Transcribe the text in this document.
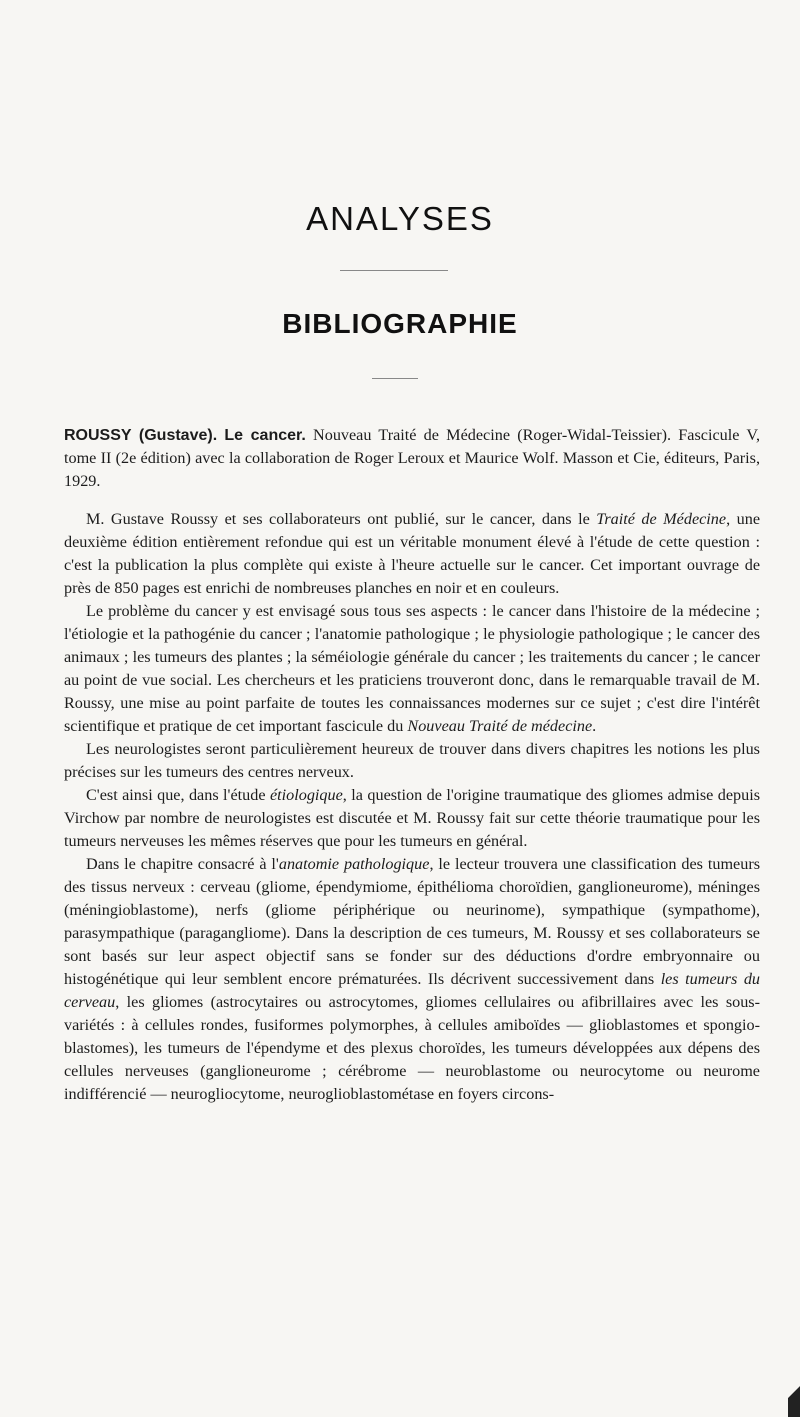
ANALYSES
BIBLIOGRAPHIE

ROUSSY (Gustave). Le cancer. Nouveau Traité de Médecine (Roger-Widal-Teissier). Fascicule V, tome II (2e édition) avec la collaboration de Roger Leroux et Maurice Wolf. Masson et Cie, éditeurs, Paris, 1929.

M. Gustave Roussy et ses collaborateurs ont publié, sur le cancer, dans le Traité de Médecine, une deuxième édition entièrement refondue qui est un véritable monument élevé à l'étude de cette question : c'est la publication la plus complète qui existe à l'heure actuelle sur le cancer. Cet important ouvrage de près de 850 pages est enrichi de nombreuses planches en noir et en couleurs.

Le problème du cancer y est envisagé sous tous ses aspects : le cancer dans l'histoire de la médecine ; l'étiologie et la pathogénie du cancer ; l'anatomie pathologique ; le physiologie pathologique ; le cancer des animaux ; les tumeurs des plantes ; la séméiologie générale du cancer ; les traitements du cancer ; le cancer au point de vue social. Les chercheurs et les praticiens trouveront donc, dans le remarquable travail de M. Roussy, une mise au point parfaite de toutes les connaissances modernes sur ce sujet ; c'est dire l'intérêt scientifique et pratique de cet important fascicule du Nouveau Traité de médecine.

Les neurologistes seront particulièrement heureux de trouver dans divers chapitres les notions les plus précises sur les tumeurs des centres nerveux.

C'est ainsi que, dans l'étude étiologique, la question de l'origine traumatique des gliomes admise depuis Virchow par nombre de neurologistes est discutée et M. Roussy fait sur cette théorie traumatique pour les tumeurs nerveuses les mêmes réserves que pour les tumeurs en général.

Dans le chapitre consacré à l'anatomie pathologique, le lecteur trouvera une classification des tumeurs des tissus nerveux : cerveau (gliome, épendymiome, épithélioma choroïdien, ganglioneurome), méninges (méningioblastome), nerfs (gliome périphérique ou neurinome), sympathique (sympathome), parasympathique (paragangliome). Dans la description de ces tumeurs, M. Roussy et ses collaborateurs se sont basés sur leur aspect objectif sans se fonder sur des déductions d'ordre embryonnaire ou histogénétique qui leur semblent encore prématurées. Ils décrivent successivement dans les tumeurs du cerveau, les gliomes (astrocytaires ou astrocytomes, gliomes cellulaires ou afibrillaires avec les sous-variétés : à cellules rondes, fusiformes polymorphes, à cellules amiboïdes — glioblastomes et spongio-blastomes), les tumeurs de l'épendyme et des plexus choroïdes, les tumeurs développées aux dépens des cellules nerveuses (ganglioneurome ; cérébrome — neuroblastome ou neurocytome ou neurome indifférencié — neurogliocytome, neuroglioblastométase en foyers circons-
